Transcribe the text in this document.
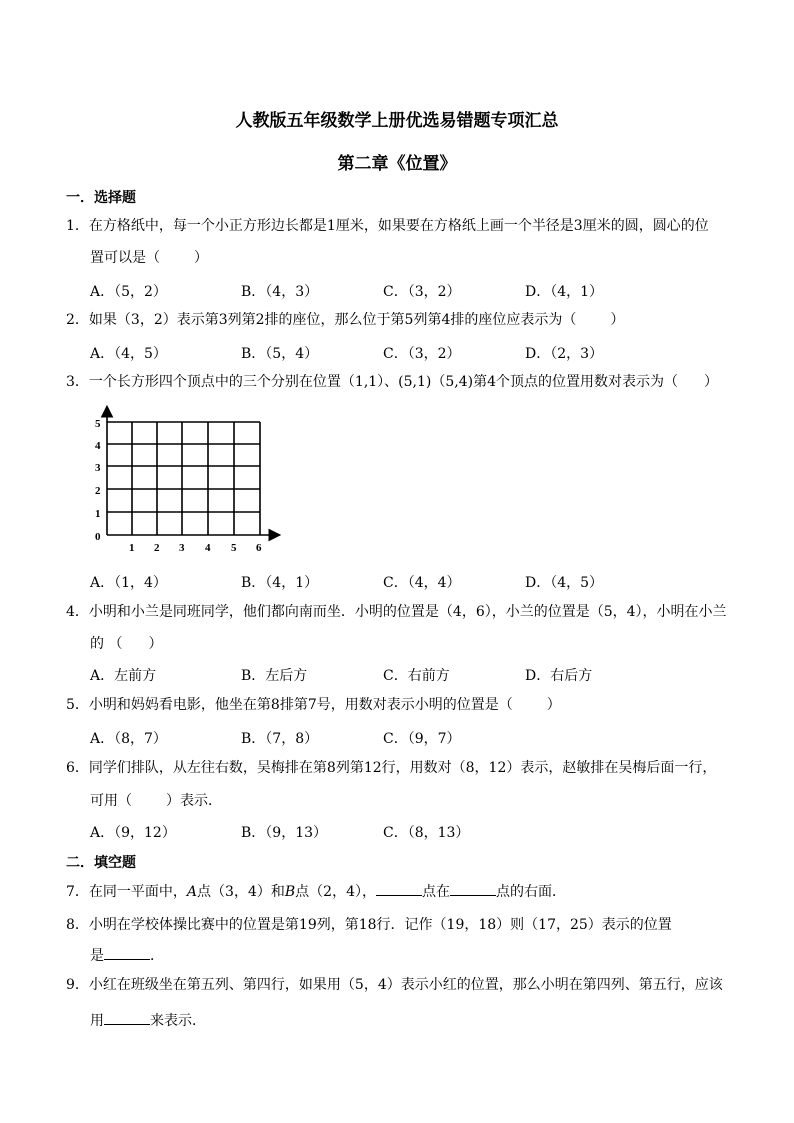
人教版五年级数学上册优选易错题专项汇总
第二章《位置》
一．选择题
1．在方格纸中，每一个小正方形边长都是1厘米，如果要在方格纸上画一个半径是3厘米的圆，圆心的位
置可以是（ ）
A．（5，2）	B．（4，3）	C．（3，2）	D．（4，1）
2．如果（3，2）表示第3列第2排的座位，那么位于第5列第4排的座位应表示为（ ）
A．（4，5）	B．（5，4）	C．（3，2）	D．（2，3）
3．一个长方形四个顶点中的三个分别在位置（1,1）、(5,1)（5,4)第4个顶点的位置用数对表示为（ ）
0
1
2
3
4
5
1 2 3 4 5 6
A．（1，4）	B．（4，1）	C．（4，4）	D．（4，5）
4．小明和小兰是同班同学，他们都向南而坐．小明的位置是（4，6），小兰的位置是（5，4），小明在小兰
的 （ ）
A．左前方	B．左后方	C．右前方	D．右后方
5．小明和妈妈看电影，他坐在第8排第7号，用数对表示小明的位置是（ ）
A．（8，7）	B．（7，8）	C．（9，7）
6．同学们排队，从左往右数，吴梅排在第8列第12行，用数对（8，12）表示，赵敏排在吴梅后面一行，
可用（ ）表示．
A．（9，12）	B．（9，13）	C．（8，13）
二．填空题
7．在同一平面中，A点（3，4）和B点（2，4），	点在	点的右面．
8．小明在学校体操比赛中的位置是第19列，第18行．记作（19，18）则（17，25）表示的位置
是	．
9．小红在班级坐在第五列、第四行，如果用（5，4）表示小红的位置，那么小明在第四列、第五行，应该
用	来表示．
